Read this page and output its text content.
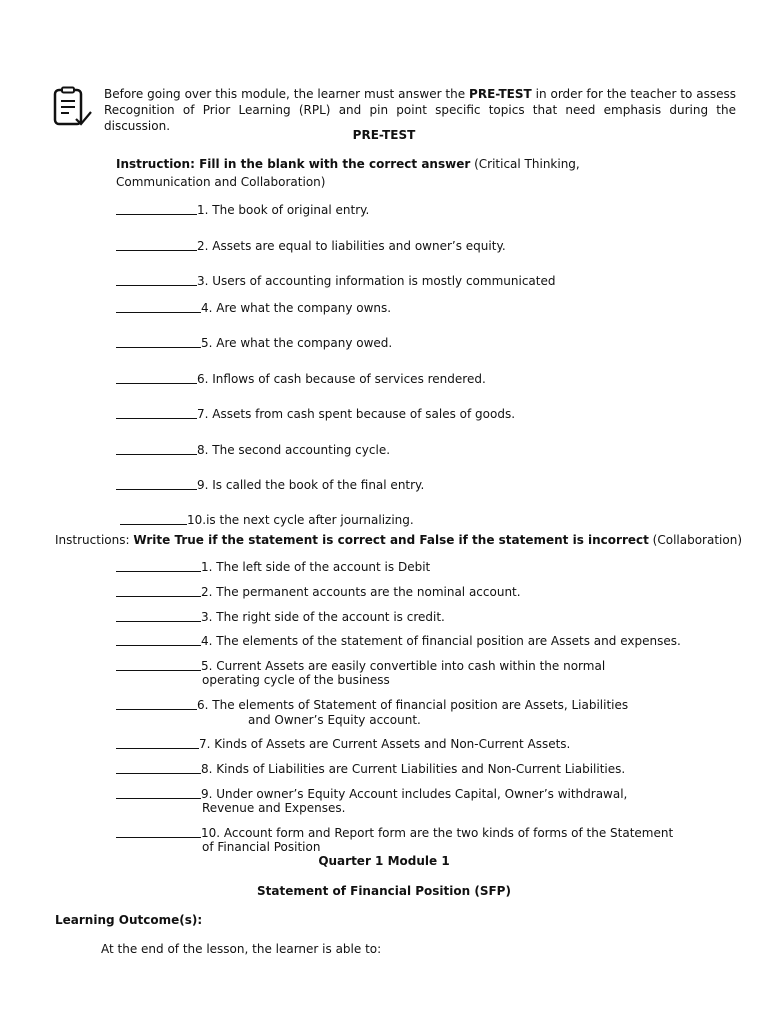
Before going over this module, the learner must answer the PRE-TEST in order for the teacher to assess Recognition of Prior Learning (RPL) and pin point specific topics that need emphasis during the discussion.
PRE-TEST
Instruction: Fill in the blank with the correct answer (Critical Thinking,
Communication and Collaboration)
1. The book of original entry.
2. Assets are equal to liabilities and owner’s equity.
3. Users of accounting information is mostly communicated
4. Are what the company owns.
5. Are what the company owed.
6. Inflows of cash because of services rendered.
7. Assets from cash spent because of sales of goods.
8. The second accounting cycle.
9. Is called the book of the final entry.
10.is the next cycle after journalizing.
Instructions: Write True if the statement is correct and False if the statement is incorrect (Collaboration)
1. The left side of the account is Debit
2. The permanent accounts are the nominal account.
3. The right side of the account is credit.
4. The elements of the statement of financial position are Assets and expenses.
5. Current Assets are easily convertible into cash within the normal
operating cycle of the business
6. The elements of Statement of financial position are Assets, Liabilities
and Owner’s Equity account.
7. Kinds of Assets are Current Assets and Non-Current Assets.
8. Kinds of Liabilities are Current Liabilities and Non-Current Liabilities.
9. Under owner’s Equity Account includes Capital, Owner’s withdrawal,
Revenue and Expenses.
10. Account form and Report form are the two kinds of forms of the Statement
of Financial Position
Quarter 1 Module 1
Statement of Financial Position (SFP)
Learning Outcome(s):
At the end of the lesson, the learner is able to:
